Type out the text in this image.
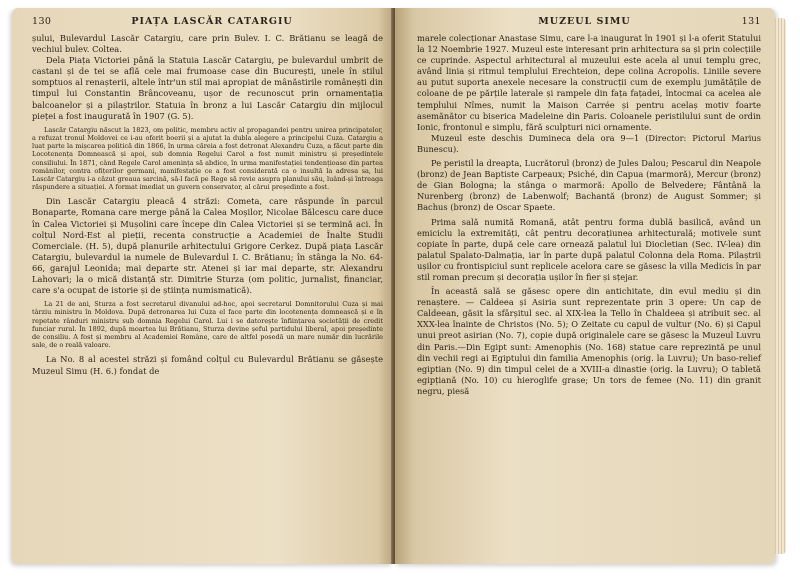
130	PIAȚA LASCĂR CATARGIU

șului, Bulevardul Lascăr Catargiu, care prin Bulev. I. C. Brătianu se leagă de vechiul bulev. Coltea.

Dela Piața Victoriei până la Statuia Lascăr Catargiu, pe bulevardul umbrit de castani și de tei se află cele mai frumoase case din București, unele în stilul somptuos al renașterii, altele într'un stil mai apropiat de mânăstirile românești din timpul lui Constantin Brâncoveanu, ușor de recunoscut prin ornamentația balcoanelor și a pilaștrilor. Statuia în bronz a lui Lascăr Catargiu din mijlocul pieței a fost inaugurată în 1907 (G. 5).

Lascăr Catargiu născut la 1823, om politic, membru activ al propagandei pentru unirea principatelor, a refuzat tronul Moldovei ce i-au oferit boerii și a ajutat la dubla alegere a principelui Cuza. Catargiu a luat parte la mișcarea politică din 1866, în urma căreia a fost detronat Alexandru Cuza, a făcut parte din Locotenența Domnească și apoi, sub domnia Regelui Carol a fost numit ministru și președintele consiliului. În 1871, când Regele Carol amenința să abdice, în urma manifestației tendențioase din partea românilor, contra ofițerilor germani, manifestație ce a fost considerată ca o insultă la adresa sa, lui Lascăr Catargiu i-a căzut greaua sarcină, să-l facă pe Rege să revie asupra planului său, luând-și întreaga răspundere a situației. A format imediat un guvern conservator, al cărui președinte a fost.

Din Lascăr Catargiu pleacă 4 străzi: Cometa, care răspunde în parcul Bonaparte, Romana care merge până la Calea Moșilor, Nicolae Bălcescu care duce în Calea Victoriei și Mușolini care începe din Calea Victoriei și se termină aci. În colțul Nord-Est al pieții, recenta construcție a Academiei de Înalte Studii Comerciale. (H. 5), după planurile arhitectului Grigore Cerkez. După piața Lascăr Catargiu, bulevardul ia numele de Bulevardul I. C. Brătianu; în stânga la No. 64-66, garajul Leonida; mai departe str. Atenei și iar mai departe, str. Alexandru Lahovari; la o mică distanță str. Dimitrie Sturza (om politic, jurnalist, financiar, care s'a ocupat de istorie și de știința numismatică).

La 21 de ani, Sturza a fost secretarul divanului ad-hoc, apoi secretarul Domnitorului Cuza și mai târziu ministru în Moldova. După detronarea lui Cuza el face parte din locotenența domnească și e în repetate rânduri ministru sub domnia Regelui Carol. Lui i se datorește înființarea societății de credit funciar rural. În 1892, după moartea lui Brătianu, Sturza devine șeful partidului liberal, apoi președinte de consiliu. A fost și membru al Academiei Române, care de altfel posedă un mare număr din lucrările sale, de o reală valoare.

La No. 8 al acestei străzi și fomând colțul cu Bulevardul Brătianu se găsește Muzeul Simu (H. 6.) fondat de

MUZEUL SIMU	131

marele colecționar Anastase Simu, care l-a inaugurat în 1901 și l-a oferit Statului la 12 Noembrie 1927. Muzeul este interesant prin arhitectura sa și prin colecțiile ce cuprinde. Aspectul arhitectural al muzeului este acela al unui templu grec, având linia și ritmul templului Erechteion, depe colina Acropolis. Liniile severe au putut suporta anexele necesare la construcții cum de exemplu jumătățile de coloane de pe părțile laterale și rampele din fața fațadei, întocmai ca acelea ale templului Nîmes, numit la Maison Carrée și pentru acelaș motiv foarte asemănător cu biserica Madeleine din Paris. Coloanele peristilului sunt de ordin Ionic, frontonul e simplu, fără sculpturi nici ornamente.

Muzeul este deschis Dumineca dela ora 9—1 (Director: Pictorul Marius Bunescu).

Pe peristil la dreapta, Lucrătorul (bronz) de Jules Dalou; Pescarul din Neapole (bronz) de Jean Baptiste Carpeaux; Psiché, din Capua (marmoră), Mercur (bronz) de Gian Bologna; la stânga o marmoră: Apollo de Belvedere; Fântână la Nurenberg (bronz) de Labenwolf; Bachantă (bronz) de August Sommer; și Bachus (bronz) de Oscar Spaete.

Prima sală numită Romană, atât pentru forma dublă basilică, având un emiciclu la extremități, cât pentru decorațiunea arhitecturală; motivele sunt copiate în parte, după cele care ornează palatul lui Diocletian (Sec. IV-lea) din palatul Spalato-Dalmația, iar în parte după palatul Colonna dela Roma. Pilaștrii ușilor cu frontispiciul sunt replicele acelora care se găsesc la villa Medicis în par stil roman precum și decorația ușilor în fier și sțejar.

În această sală se găsesc opere din antichitate, din evul mediu și din renaștere. — Caldeea și Asiria sunt reprezentate prin 3 opere: Un cap de Caldeean, găsit la sfârșitul sec. al XIX-lea la Tello în Chaldeea și atribuit sec. al XXX-lea înainte de Christos (No. 5); O Zeitate cu capul de vultur (No. 6) și Capul unui preot asirian (No. 7), copie după originalele care se găsesc la Muzeul Luvru din Paris.—Din Egipt sunt: Amenophis (No. 168) statue care reprezintă pe unul din vechii regi ai Egiptului din familia Amenophis (orig. la Luvru); Un baso-relief egiptian (No. 9) din timpul celei de a XVIII-a dinastie (orig. la Luvru); O tabletă egipțiană (No. 10) cu hieroglife grase; Un tors de femee (No. 11) din granit negru, piesă
